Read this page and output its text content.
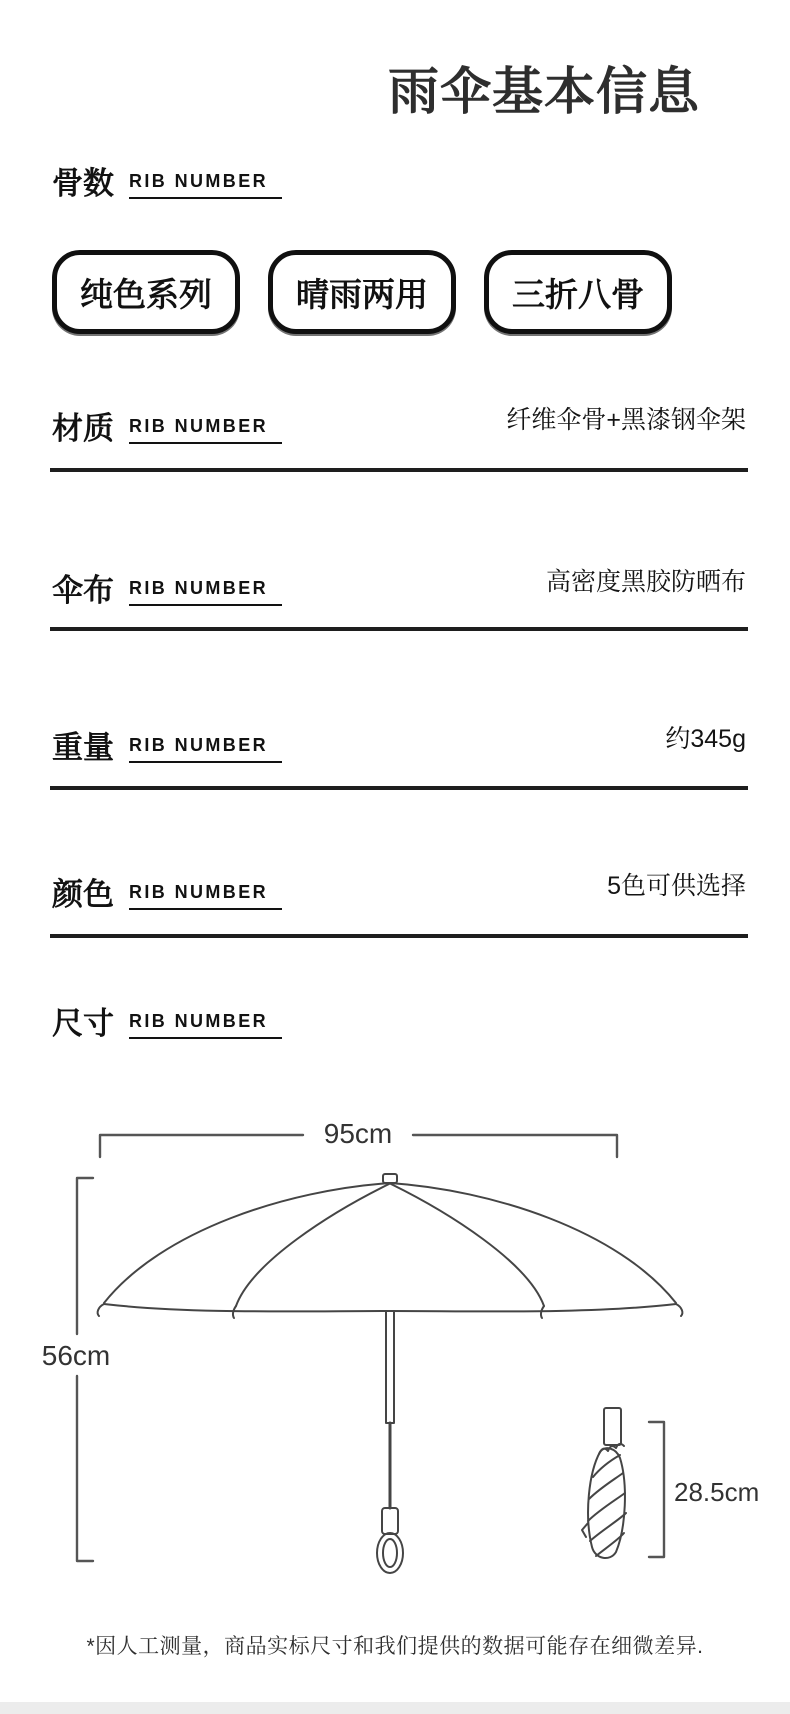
雨伞基本信息
骨数 RIB NUMBER
纯色系列	晴雨两用	三折八骨
材质 RIB NUMBER	纤维伞骨+黑漆钢伞架
伞布 RIB NUMBER	高密度黑胶防晒布
重量 RIB NUMBER	约345g
颜色 RIB NUMBER	5色可供选择
尺寸 RIB NUMBER
95cm
56cm
28.5cm
*因人工测量，商品实标尺寸和我们提供的数据可能存在细微差异.
